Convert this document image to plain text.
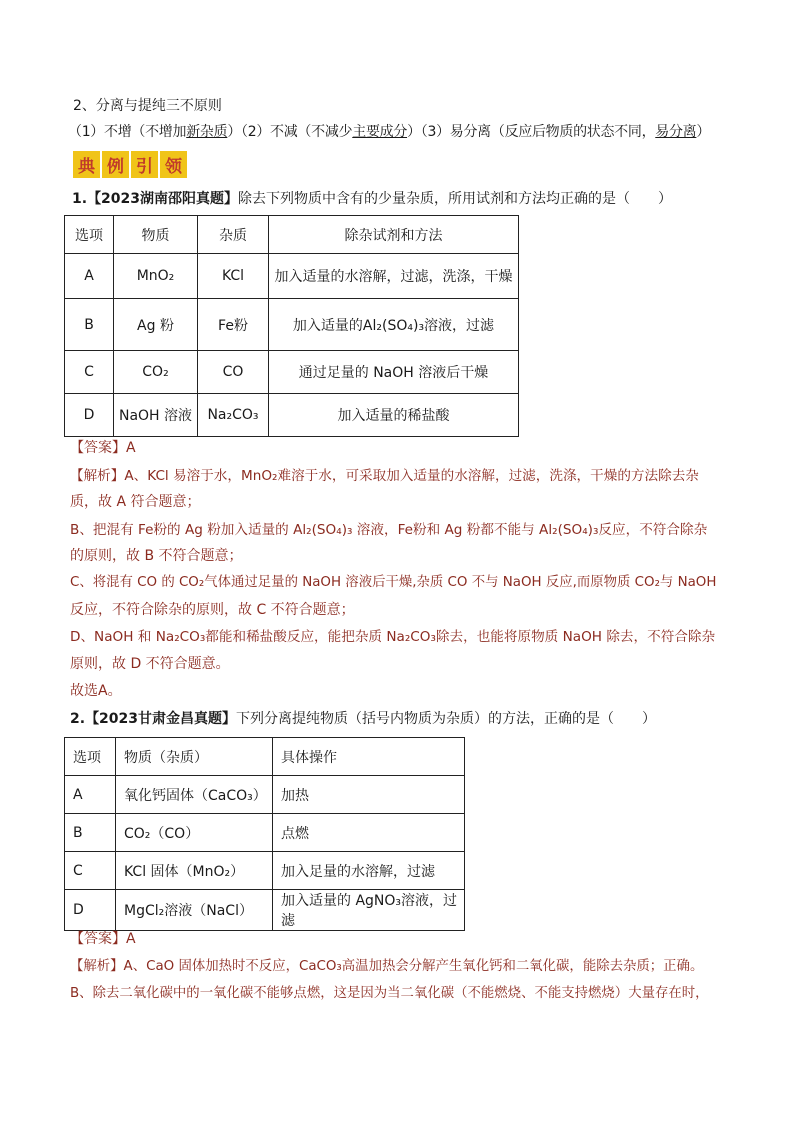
2、分离与提纯三不原则
（1）不增（不增加新杂质）（2）不减（不减少主要成分）（3）易分离（反应后物质的状态不同，易分离）
典 例 引 领
1.【2023湖南邵阳真题】除去下列物质中含有的少量杂质，所用试剂和方法均正确的是（　　）
选项	物质	杂质	除杂试剂和方法
A	MnO₂	KCl	加入适量的水溶解，过滤，洗涤，干燥
B	Ag 粉	Fe粉	加入适量的Al₂(SO₄)₃溶液，过滤
C	CO₂	CO	通过足量的 NaOH 溶液后干燥
D	NaOH 溶液	Na₂CO₃	加入适量的稀盐酸
【答案】A
【解析】A、KCl 易溶于水，MnO₂难溶于水，可采取加入适量的水溶解，过滤，洗涤，干燥的方法除去杂
质，故 A 符合题意；
B、把混有 Fe粉的 Ag 粉加入适量的 Al₂(SO₄)₃ 溶液，Fe粉和 Ag 粉都不能与 Al₂(SO₄)₃反应，不符合除杂
的原则，故 B 不符合题意；
C、将混有 CO 的 CO₂气体通过足量的 NaOH 溶液后干燥,杂质 CO 不与 NaOH 反应,而原物质 CO₂与 NaOH
反应，不符合除杂的原则，故 C 不符合题意；
D、NaOH 和 Na₂CO₃都能和稀盐酸反应，能把杂质 Na₂CO₃除去，也能将原物质 NaOH 除去，不符合除杂
原则，故 D 不符合题意。
故选A。
2.【2023甘肃金昌真题】下列分离提纯物质（括号内物质为杂质）的方法，正确的是（　　）
选项	物质（杂质）	具体操作
A	氧化钙固体（CaCO₃）	加热
B	CO₂（CO）	点燃
C	KCl 固体（MnO₂）	加入足量的水溶解，过滤
D	MgCl₂溶液（NaCl）	加入适量的 AgNO₃溶液，过滤
【答案】A
【解析】A、CaO 固体加热时不反应，CaCO₃高温加热会分解产生氧化钙和二氧化碳，能除去杂质；正确。
B、除去二氧化碳中的一氧化碳不能够点燃，这是因为当二氧化碳（不能燃烧、不能支持燃烧）大量存在时，
